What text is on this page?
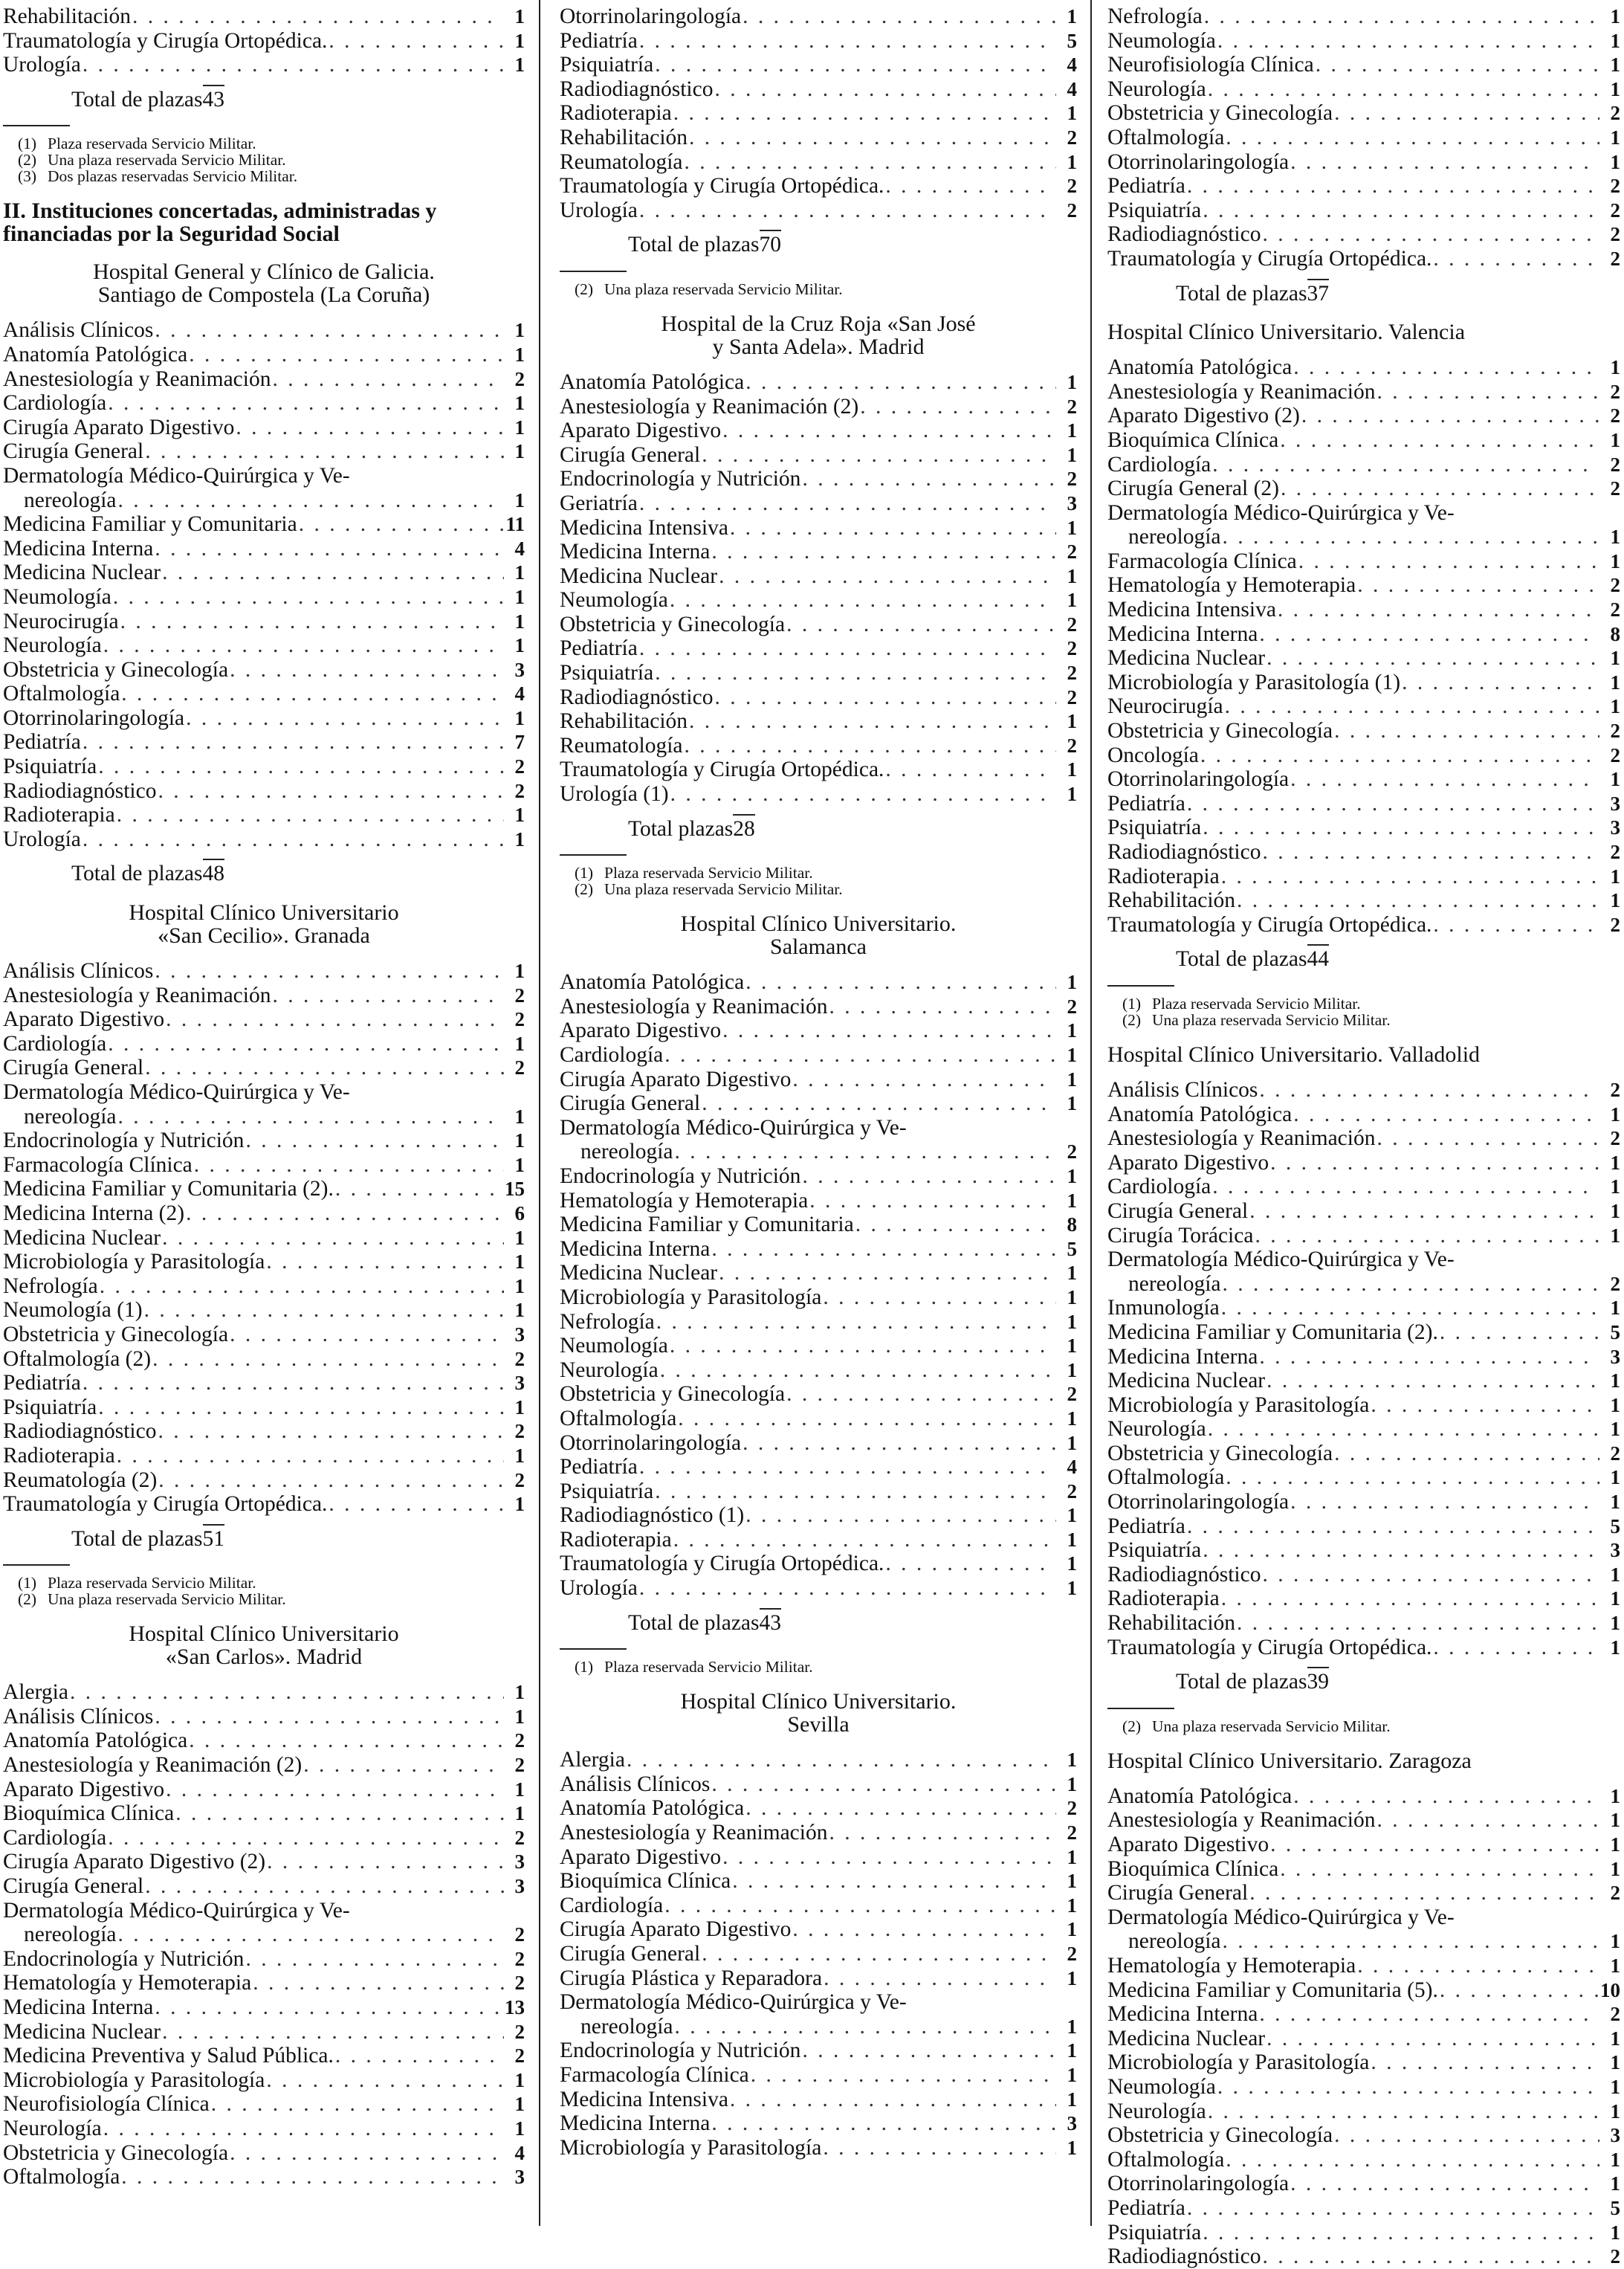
Rehabilitación . . .	1
Traumatología y Cirugía Ortopédica. . . .	1
Urología . . .	1
Total de plazas 43
(1) Plaza reservada Servicio Militar.
(2) Una plaza reservada Servicio Militar.
(3) Dos plazas reservadas Servicio Militar.
II. Instituciones concertadas, administradas y financiadas por la Seguridad Social
Hospital General y Clínico de Galicia.
Santiago de Compostela (La Coruña)
Análisis Clínicos . . .	1
Anatomía Patológica . . .	1
Anestesiología y Reanimación . . .	2
Cardiología . . .	1
Cirugía Aparato Digestivo . . .	1
Cirugía General . . .	1
Dermatología Médico-Quirúrgica y Ve-
nereología . . .	1
Medicina Familiar y Comunitaria . . .	11
Medicina Interna . . .	4
Medicina Nuclear . . .	1
Neumología . . .	1
Neurocirugía . . .	1
Neurología . . .	1
Obstetricia y Ginecología . . .	3
Oftalmología . . .	4
Otorrinolaringología . . .	1
Pediatría . . .	7
Psiquiatría . . .	2
Radiodiagnóstico . . .	2
Radioterapia . . .	1
Urología . . .	1
Total de plazas 48
Hospital Clínico Universitario
«San Cecilio». Granada
Análisis Clínicos . . .	1
Anestesiología y Reanimación . . .	2
Aparato Digestivo . . .	2
Cardiología . . .	1
Cirugía General . . .	2
Dermatología Médico-Quirúrgica y Ve-
nereología . . .	1
Endocrinología y Nutrición . . .	1
Farmacología Clínica . . .	1
Medicina Familiar y Comunitaria (2). . . .	15
Medicina Interna (2) . . .	6
Medicina Nuclear . . .	1
Microbiología y Parasitología . . .	1
Nefrología . . .	1
Neumología (1) . . .	1
Obstetricia y Ginecología . . .	3
Oftalmología (2) . . .	2
Pediatría . . .	3
Psiquiatría . . .	1
Radiodiagnóstico . . .	2
Radioterapia . . .	1
Reumatología (2) . . .	2
Traumatología y Cirugía Ortopédica. . . .	1
Total de plazas 51
(1) Plaza reservada Servicio Militar.
(2) Una plaza reservada Servicio Militar.
Hospital Clínico Universitario
«San Carlos». Madrid
Alergia . . .	1
Análisis Clínicos . . .	1
Anatomía Patológica . . .	2
Anestesiología y Reanimación (2) . . .	2
Aparato Digestivo . . .	1
Bioquímica Clínica . . .	1
Cardiología . . .	2
Cirugía Aparato Digestivo (2) . . .	3
Cirugía General . . .	3
Dermatología Médico-Quirúrgica y Ve-
nereología . . .	2
Endocrinología y Nutrición . . .	2
Hematología y Hemoterapia . . .	2
Medicina Interna . . .	13
Medicina Nuclear . . .	2
Medicina Preventiva y Salud Pública. . . .	2
Microbiología y Parasitología . . .	1
Neurofisiología Clínica . . .	1
Neurología . . .	1
Obstetricia y Ginecología . . .	4
Oftalmología . . .	3
Otorrinolaringología . . .	1
Pediatría . . .	5
Psiquiatría . . .	4
Radiodiagnóstico . . .	4
Radioterapia . . .	1
Rehabilitación . . .	2
Reumatología . . .	1
Traumatología y Cirugía Ortopédica. . . .	2
Urología . . .	2
Total de plazas 70
(2) Una plaza reservada Servicio Militar.
Hospital de la Cruz Roja «San José
y Santa Adela». Madrid
Anatomía Patológica . . .	1
Anestesiología y Reanimación (2) . . .	2
Aparato Digestivo . . .	1
Cirugía General . . .	1
Endocrinología y Nutrición . . .	2
Geriatría . . .	3
Medicina Intensiva . . .	1
Medicina Interna . . .	2
Medicina Nuclear . . .	1
Neumología . . .	1
Obstetricia y Ginecología . . .	2
Pediatría . . .	2
Psiquiatría . . .	2
Radiodiagnóstico . . .	2
Rehabilitación . . .	1
Reumatología . . .	2
Traumatología y Cirugía Ortopédica. . . .	1
Urología (1) . . .	1
Total plazas 28
(1) Plaza reservada Servicio Militar.
(2) Una plaza reservada Servicio Militar.
Hospital Clínico Universitario.
Salamanca
Anatomía Patológica . . .	1
Anestesiología y Reanimación . . .	2
Aparato Digestivo . . .	1
Cardiología . . .	1
Cirugía Aparato Digestivo . . .	1
Cirugía General . . .	1
Dermatología Médico-Quirúrgica y Ve-
nereología . . .	2
Endocrinología y Nutrición . . .	1
Hematología y Hemoterapia . . .	1
Medicina Familiar y Comunitaria . . .	8
Medicina Interna . . .	5
Medicina Nuclear . . .	1
Microbiología y Parasitología . . .	1
Nefrología . . .	1
Neumología . . .	1
Neurología . . .	1
Obstetricia y Ginecología . . .	2
Oftalmología . . .	1
Otorrinolaringología . . .	1
Pediatría . . .	4
Psiquiatría . . .	2
Radiodiagnóstico (1) . . .	1
Radioterapia . . .	1
Traumatología y Cirugía Ortopédica. . . .	1
Urología . . .	1
Total de plazas 43
(1) Plaza reservada Servicio Militar.
Hospital Clínico Universitario.
Sevilla
Alergia . . .	1
Análisis Clínicos . . .	1
Anatomía Patológica . . .	2
Anestesiología y Reanimación . . .	2
Aparato Digestivo . . .	1
Bioquímica Clínica . . .	1
Cardiología . . .	1
Cirugía Aparato Digestivo . . .	1
Cirugía General . . .	2
Cirugía Plástica y Reparadora . . .	1
Dermatología Médico-Quirúrgica y Ve-
nereología . . .	1
Endocrinología y Nutrición . . .	1
Farmacología Clínica . . .	1
Medicina Intensiva . . .	1
Medicina Interna . . .	3
Microbiología y Parasitología . . .	1
Nefrología . . .	1
Neumología . . .	1
Neurofisiología Clínica . . .	1
Neurología . . .	1
Obstetricia y Ginecología . . .	2
Oftalmología . . .	1
Otorrinolaringología . . .	1
Pediatría . . .	2
Psiquiatría . . .	2
Radiodiagnóstico . . .	2
Traumatología y Cirugía Ortopédica. . . .	2
Total de plazas 37
Hospital Clínico Universitario. Valencia
Anatomía Patológica . . .	1
Anestesiología y Reanimación . . .	2
Aparato Digestivo (2) . . .	2
Bioquímica Clínica . . .	1
Cardiología . . .	2
Cirugía General (2) . . .	2
Dermatología Médico-Quirúrgica y Ve-
nereología . . .	1
Farmacología Clínica . . .	1
Hematología y Hemoterapia . . .	2
Medicina Intensiva . . .	2
Medicina Interna . . .	8
Medicina Nuclear . . .	1
Microbiología y Parasitología (1) . . .	1
Neurocirugía . . .	1
Obstetricia y Ginecología . . .	2
Oncología . . .	2
Otorrinolaringología . . .	1
Pediatría . . .	3
Psiquiatría . . .	3
Radiodiagnóstico . . .	2
Radioterapia . . .	1
Rehabilitación . . .	1
Traumatología y Cirugía Ortopédica. . . .	2
Total de plazas 44
(1) Plaza reservada Servicio Militar.
(2) Una plaza reservada Servicio Militar.
Hospital Clínico Universitario. Valladolid
Análisis Clínicos . . .	2
Anatomía Patológica . . .	1
Anestesiología y Reanimación . . .	2
Aparato Digestivo . . .	1
Cardiología . . .	1
Cirugía General . . .	1
Cirugía Torácica . . .	1
Dermatología Médico-Quirúrgica y Ve-
nereología . . .	2
Inmunología . . .	1
Medicina Familiar y Comunitaria (2). . . .	5
Medicina Interna . . .	3
Medicina Nuclear . . .	1
Microbiología y Parasitología . . .	1
Neurología . . .	1
Obstetricia y Ginecología . . .	2
Oftalmología . . .	1
Otorrinolaringología . . .	1
Pediatría . . .	5
Psiquiatría . . .	3
Radiodiagnóstico . . .	1
Radioterapia . . .	1
Rehabilitación . . .	1
Traumatología y Cirugía Ortopédica. . . .	1
Total de plazas 39
(2) Una plaza reservada Servicio Militar.
Hospital Clínico Universitario. Zaragoza
Anatomía Patológica . . .	1
Anestesiología y Reanimación . . .	1
Aparato Digestivo . . .	1
Bioquímica Clínica . . .	1
Cirugía General . . .	2
Dermatología Médico-Quirúrgica y Ve-
nereología . . .	1
Hematología y Hemoterapia . . .	1
Medicina Familiar y Comunitaria (5). . . .	10
Medicina Interna . . .	2
Medicina Nuclear . . .	1
Microbiología y Parasitología . . .	1
Neumología . . .	1
Neurología . . .	1
Obstetricia y Ginecología . . .	3
Oftalmología . . .	1
Otorrinolaringología . . .	1
Pediatría . . .	5
Psiquiatría . . .	1
Radiodiagnóstico . . .	2
